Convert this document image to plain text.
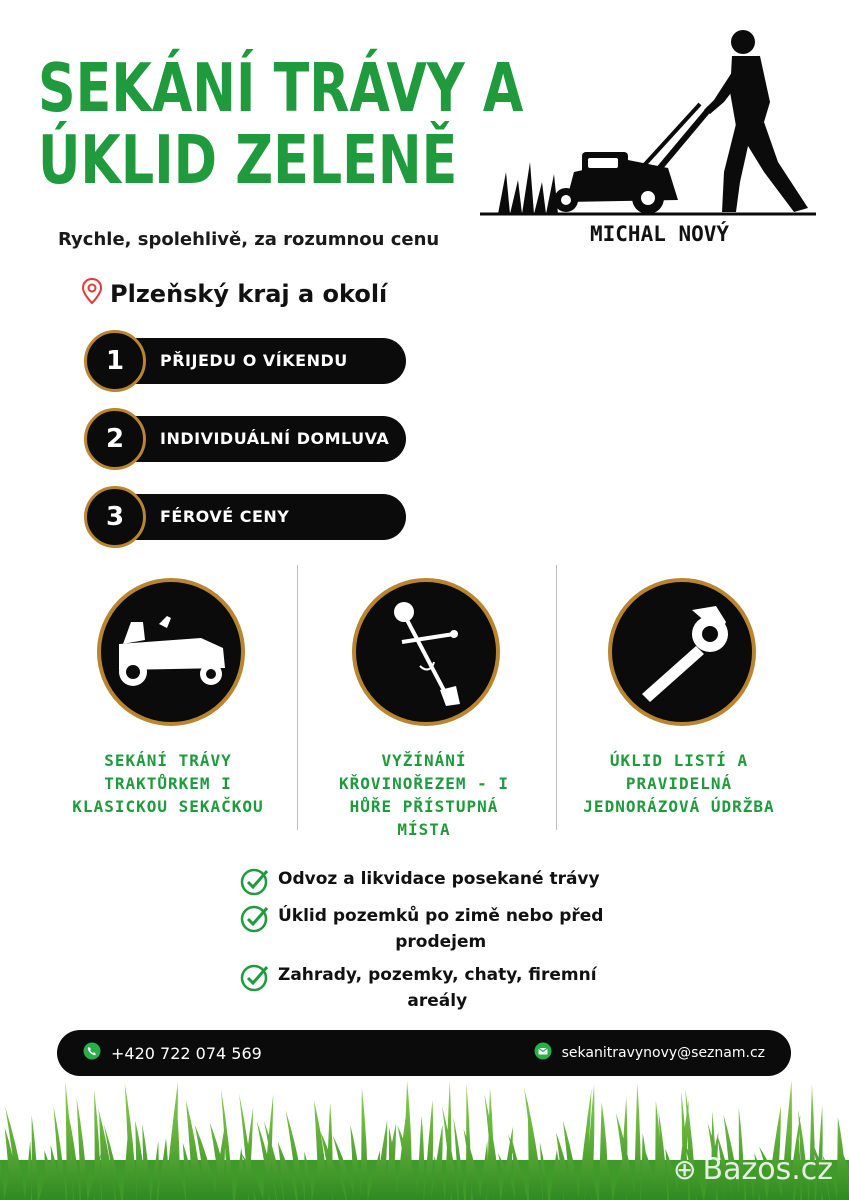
SEKÁNÍ TRÁVY A
ÚKLID ZELENĚ
MICHAL NOVÝ
Rychle, spolehlivě, za rozumnou cenu
Plzeňský kraj a okolí
1	PŘIJEDU O VÍKENDU
2	INDIVIDUÁLNÍ DOMLUVA
3	FÉROVÉ CENY
SEKÁNÍ TRÁVY
TRAKTŮRKEM I
KLASICKOU SEKAČKOU
VYŽÍNÁNÍ
KŘOVINOŘEZEM - I
HŮŘE PŘÍSTUPNÁ
MÍSTA
ÚKLID LISTÍ A
PRAVIDELNÁ
JEDNORÁZOVÁ ÚDRŽBA
Odvoz a likvidace posekané trávy
Úklid pozemků po zimě nebo před
prodejem
Zahrady, pozemky, chaty, firemní
areály
+420 722 074 569	sekanitravynovy@seznam.cz
⊕ Bazos.cz
